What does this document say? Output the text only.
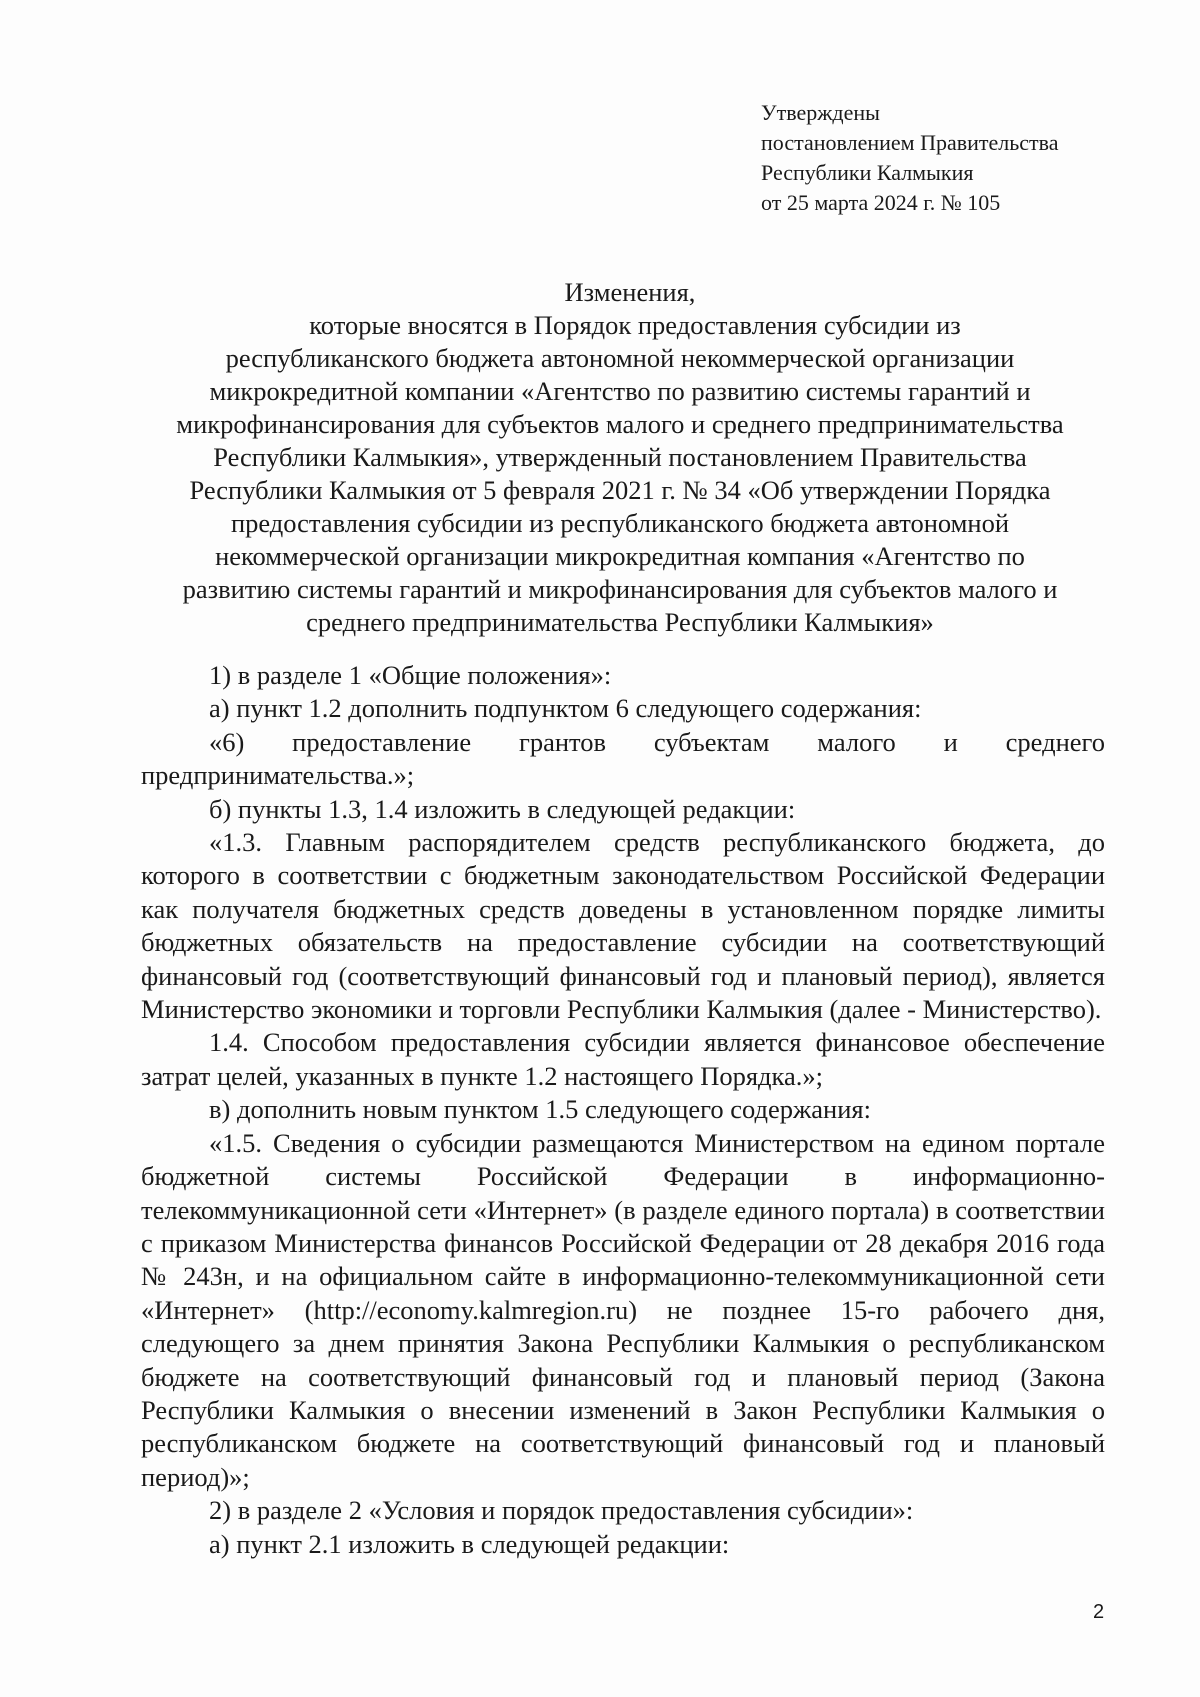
Утверждены
постановлением Правительства
Республики Калмыкия
от 25 марта 2024 г. № 105
Изменения,
которые вносятся в Порядок предоставления субсидии из
республиканского бюджета автономной некоммерческой организации
микрокредитной компании «Агентство по развитию системы гарантий и
микрофинансирования для субъектов малого и среднего предпринимательства
Республики Калмыкия», утвержденный постановлением Правительства
Республики Калмыкия от 5 февраля 2021 г. № 34 «Об утверждении Порядка
предоставления субсидии из республиканского бюджета автономной
некоммерческой организации микрокредитная компания «Агентство по
развитию системы гарантий и микрофинансирования для субъектов малого и
среднего предпринимательства Республики Калмыкия»

1) в разделе 1 «Общие положения»:

а) пункт 1.2 дополнить подпунктом 6 следующего содержания:

«6) предоставление грантов субъектам малого и среднего предпринимательства.»;

б) пункты 1.3, 1.4 изложить в следующей редакции:

«1.3. Главным распорядителем средств республиканского бюджета, до которого в соответствии с бюджетным законодательством Российской Федерации как получателя бюджетных средств доведены в установленном порядке лимиты бюджетных обязательств на предоставление субсидии на соответствующий финансовый год (соответствующий финансовый год и плановый период), является Министерство экономики и торговли Республики Калмыкия (далее - Министерство).

1.4. Способом предоставления субсидии является финансовое обеспечение затрат целей, указанных в пункте 1.2 настоящего Порядка.»;

в) дополнить новым пунктом 1.5 следующего содержания:

«1.5. Сведения о субсидии размещаются Министерством на едином портале бюджетной системы Российской Федерации в информационно-телекоммуникационной сети «Интернет» (в разделе единого портала) в соответствии с приказом Министерства финансов Российской Федерации от 28 декабря 2016 года № 243н, и на официальном сайте в информационно-телекоммуникационной сети «Интернет» (http://economy.kalmregion.ru) не позднее 15-го рабочего дня, следующего за днем принятия Закона Республики Калмыкия о республиканском бюджете на соответствующий финансовый год и плановый период (Закона Республики Калмыкия о внесении изменений в Закон Республики Калмыкия о республиканском бюджете на соответствующий финансовый год и плановый период)»;

2) в разделе 2 «Условия и порядок предоставления субсидии»:

а) пункт 2.1 изложить в следующей редакции:

2
